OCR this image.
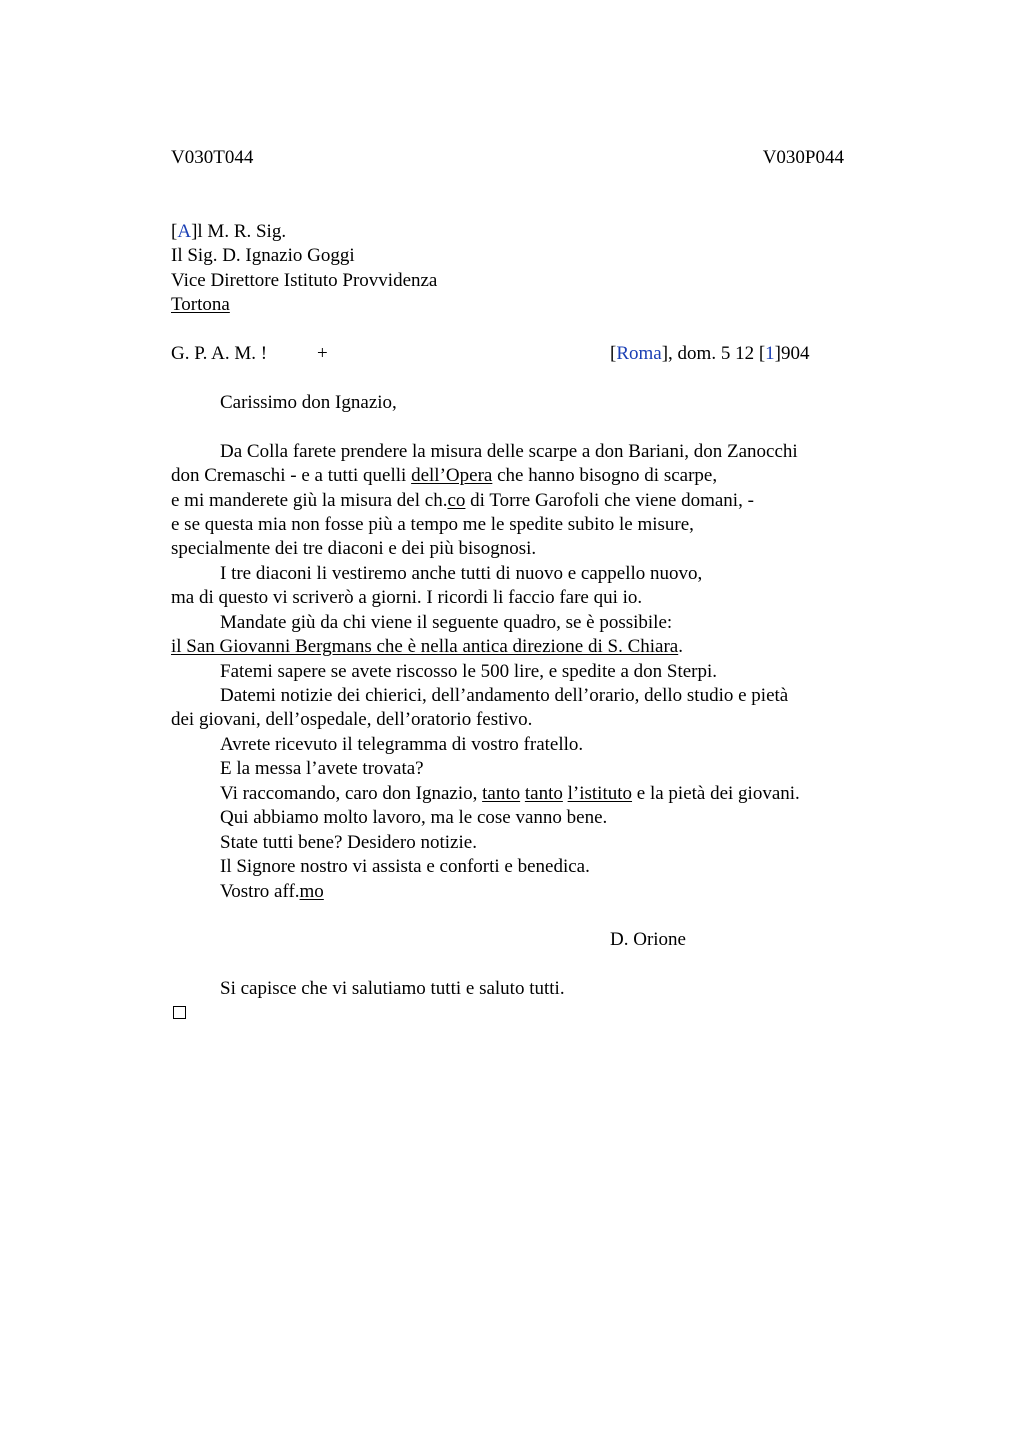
V030T044	V030P044
[A]l M. R. Sig.
Il Sig. D. Ignazio Goggi
Vice Direttore Istituto Provvidenza
Tortona
G. P. A. M. !	+	[Roma], dom. 5 12 [1]904
Carissimo don Ignazio,
Da Colla farete prendere la misura delle scarpe a don Bariani, don Zanocchi
don Cremaschi - e a tutti quelli dell’Opera che hanno bisogno di scarpe,
e mi manderete giù la misura del ch.co di Torre Garofoli che viene domani, -
e se questa mia non fosse più a tempo me le spedite subito le misure,
specialmente dei tre diaconi e dei più bisognosi.
I tre diaconi li vestiremo anche tutti di nuovo e cappello nuovo,
ma di questo vi scriverò a giorni. I ricordi li faccio fare qui io.
Mandate giù da chi viene il seguente quadro, se è possibile:
il San Giovanni Bergmans che è nella antica direzione di S. Chiara.
Fatemi sapere se avete riscosso le 500 lire, e spedite a don Sterpi.
Datemi notizie dei chierici, dell’andamento dell’orario, dello studio e pietà
dei giovani, dell’ospedale, dell’oratorio festivo.
Avrete ricevuto il telegramma di vostro fratello.
E la messa l’avete trovata?
Vi raccomando, caro don Ignazio, tanto tanto l’istituto e la pietà dei giovani.
Qui abbiamo molto lavoro, ma le cose vanno bene.
State tutti bene? Desidero notizie.
Il Signore nostro vi assista e conforti e benedica.
Vostro aff.mo
D. Orione
Si capisce che vi salutiamo tutti e saluto tutti.
